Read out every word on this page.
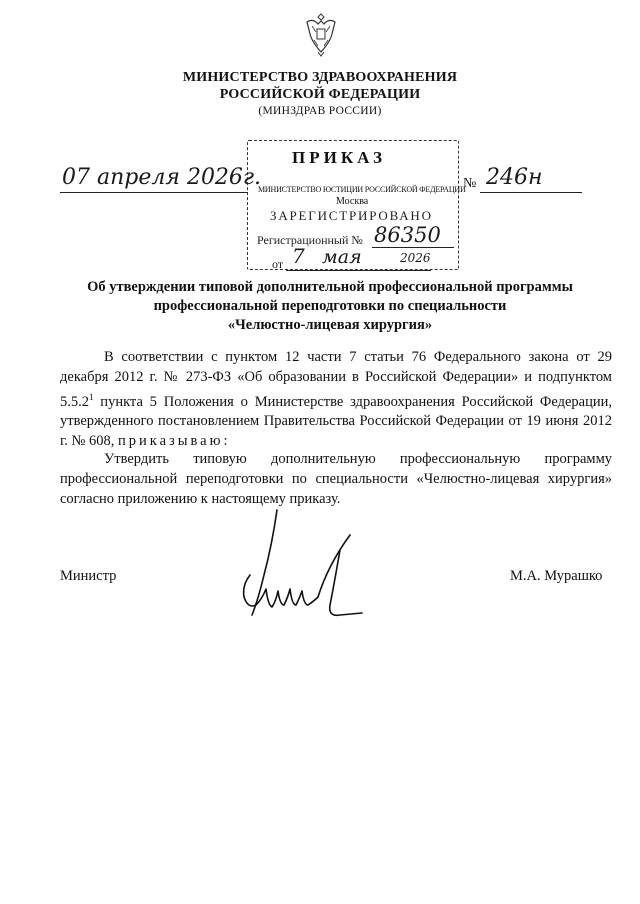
МИНИСТЕРСТВО ЗДРАВООХРАНЕНИЯ
РОССИЙСКОЙ ФЕДЕРАЦИИ
(МИНЗДРАВ РОССИИ)
ПРИКАЗ
МИНИСТЕРСТВО ЮСТИЦИИ РОССИЙСКОЙ ФЕДЕРАЦИИ
Москва
ЗАРЕГИСТРИРОВАНО
Регистрационный № 86350
от 7 мая	2026
07 апреля 2026г.	№ 246н
Об утверждении типовой дополнительной профессиональной программы
профессиональной переподготовки по специальности
«Челюстно-лицевая хирургия»
В соответствии с пунктом 12 части 7 статьи 76 Федерального закона от 29 декабря 2012 г. № 273-ФЗ «Об образовании в Российской Федерации» и подпунктом 5.5.2$^1$ пункта 5 Положения о Министерстве здравоохранения Российской Федерации, утвержденного постановлением Правительства Российской Федерации от 19 июня 2012 г. № 608, приказываю:
Утвердить типовую дополнительную профессиональную программу профессиональной переподготовки по специальности «Челюстно-лицевая хирургия» согласно приложению к настоящему приказу.
Министр	М.А. Мурашко
